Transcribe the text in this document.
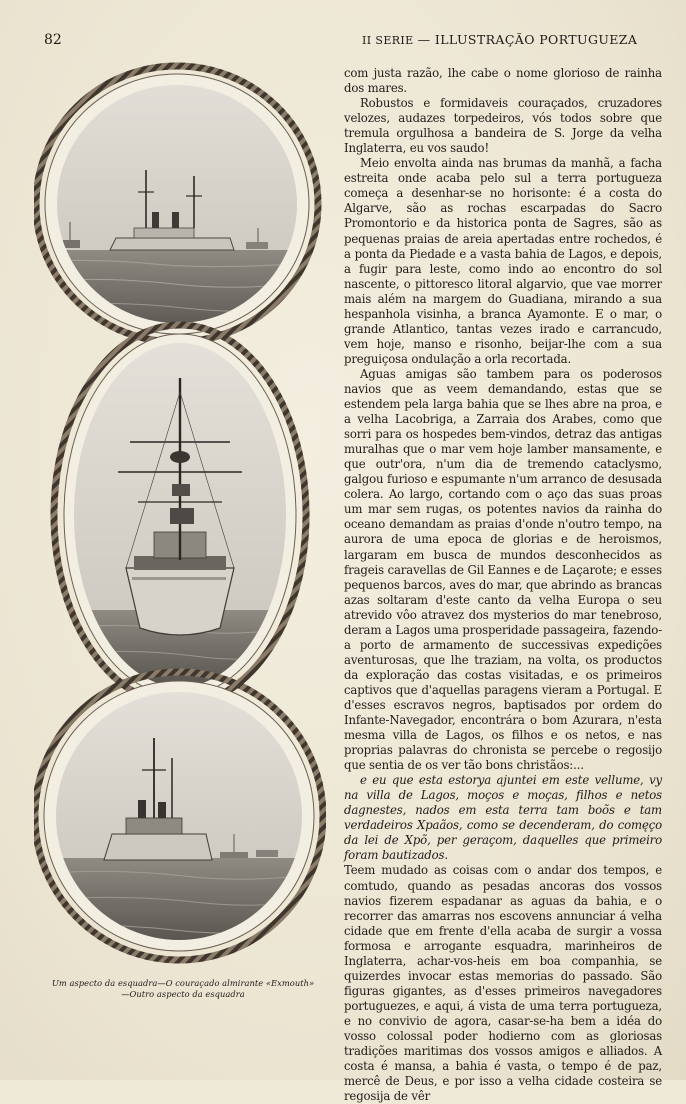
82	II SERIE — ILLUSTRAÇÃO PORTUGUEZA
Um aspecto da esquadra—O couraçado almirante «Exmouth»
—Outro aspecto da esquadra

com justa razão, lhe cabe o nome glorioso de rainha dos mares.

Robustos e formidaveis couraçados, cruzadores velozes, audazes torpedeiros, vós todos sobre que tremula orgulhosa a bandeira de S. Jorge da velha Inglaterra, eu vos saudo!

Meio envolta ainda nas brumas da manhã, a facha estreita onde acaba pelo sul a terra portugueza começa a desenhar-se no horisonte: é a costa do Algarve, são as rochas escarpadas do Sacro Promontorio e da historica ponta de Sagres, são as pequenas praias de areia apertadas entre rochedos, é a ponta da Piedade e a vasta bahia de Lagos, e depois, a fugir para leste, como indo ao encontro do sol nascente, o pittoresco litoral algarvio, que vae morrer mais além na margem do Guadiana, mirando a sua hespanhola visinha, a branca Ayamonte. E o mar, o grande Atlantico, tantas vezes irado e carrancudo, vem hoje, manso e risonho, beijar-lhe com a sua preguiçosa ondulação a orla recortada.

Aguas amigas são tambem para os poderosos navios que as veem demandando, estas que se estendem pela larga bahia que se lhes abre na proa, e a velha Lacobriga, a Zarraia dos Arabes, como que sorri para os hospedes bem-vindos, detraz das antigas muralhas que o mar vem hoje lamber mansamente, e que outr'ora, n'um dia de tremendo cataclysmo, galgou furioso e espumante n'um arranco de desusada colera. Ao largo, cortando com o aço das suas proas um mar sem rugas, os potentes navios da rainha do oceano demandam as praias d'onde n'outro tempo, na aurora de uma epoca de glorias e de heroismos, largaram em busca de mundos desconhecidos as frageis caravellas de Gil Eannes e de Laçarote; e esses pequenos barcos, aves do mar, que abrindo as brancas azas soltaram d'este canto da velha Europa o seu atrevido vôo atravez dos mysterios do mar tenebroso, deram a Lagos uma prosperidade passageira, fazendo-a porto de armamento de successivas expedições aventurosas, que lhe traziam, na volta, os productos da exploração das costas visitadas, e os primeiros captivos que d'aquellas paragens vieram a Portugal. E d'esses escravos negros, baptisados por ordem do Infante-Navegador, encontrára o bom Azurara, n'esta mesma villa de Lagos, os filhos e os netos, e nas proprias palavras do chronista se percebe o regosijo que sentia de os ver tão bons christãos:...

e eu que esta estorya ajuntei em este vellume, vy na villa de Lagos, moços e moças, filhos e netos dagnestes, nados em esta terra tam boõs e tam verdadeiros Xpaãos, como se decenderam, do comęço da lei de Xpõ, per geraçom, daquelles que primeiro foram bautizados.

Teem mudado as coisas com o andar dos tempos, e comtudo, quando as pesadas ancoras dos vossos navios fizerem espadanar as aguas da bahia, e o recorrer das amarras nos escovens annunciar á velha cidade que em frente d'ella acaba de surgir a vossa formosa e arrogante esquadra, marinheiros de Inglaterra, achar-vos-heis em boa companhia, se quizerdes invocar estas memorias do passado. São figuras gigantes, as d'esses primeiros navegadores portuguezes, e aqui, á vista de uma terra portugueza, e no convivio de agora, casar-se-ha bem a idéa do vosso colossal poder hodierno com as gloriosas tradições maritimas dos vossos amigos e alliados. A costa é mansa, a bahia é vasta, o tempo é de paz, mercê de Deus, e por isso a velha cidade costeira se regosija de vêr
